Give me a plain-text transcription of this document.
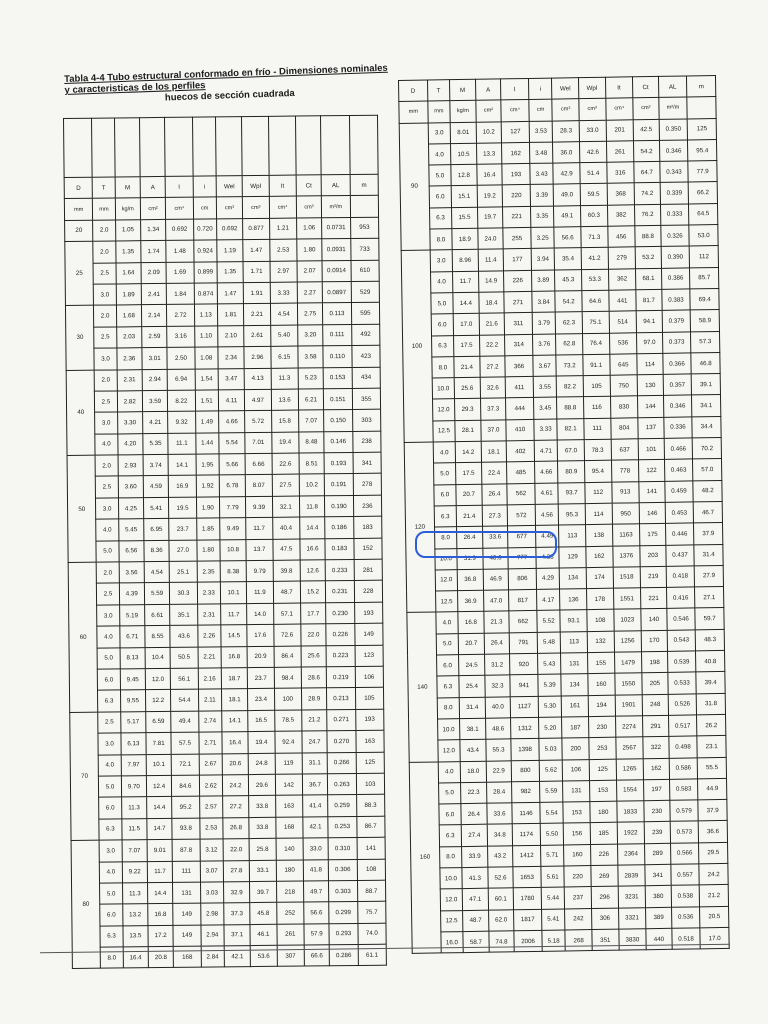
Tabla 4-4 Tubo estructural conformado en frío - Dimensiones nominales y caracteristicas de los perfiles
huecos de sección cuadrada

D	T	M	A	I	i	Wel	Wpl	It	Ct	AL	m
mm	mm	kg/m	cm²	cm⁴	cm	cm³	cm³	cm⁴	cm³	m²/m	
20	2.0	1.05	1.34	0.692	0.720	0.692	0.877	1.21	1.06	0.0731	953
25	2.0	1.35	1.74	1.48	0.924	1.19	1.47	2.53	1.80	0.0931	733
	2.5	1.64	2.09	1.69	0.899	1.35	1.71	2.97	2.07	0.0914	610
	3.0	1.89	2.41	1.84	0.874	1.47	1.91	3.33	2.27	0.0897	529
30	2.0	1.68	2.14	2.72	1.13	1.81	2.21	4.54	2.75	0.113	595
	2.5	2.03	2.59	3.16	1.10	2.10	2.61	5.40	3.20	0.111	492
	3.0	2.36	3.01	2.50	1.08	2.34	2.96	6.15	3.58	0.110	423
40	2.0	2.31	2.94	6.94	1.54	3.47	4.13	11.3	5.23	0.153	434
	2.5	2.82	3.59	8.22	1.51	4.11	4.97	13.6	6.21	0.151	355
	3.0	3.30	4.21	9.32	1.49	4.66	5.72	15.8	7.07	0.150	303
	4.0	4.20	5.35	11.1	1.44	5.54	7.01	19.4	8.48	0.146	238
50	2.0	2.93	3.74	14.1	1.95	5.66	6.66	22.6	8.51	0.193	341
	2.5	3.60	4.59	16.9	1.92	6.78	8.07	27.5	10.2	0.191	278
	3.0	4.25	5.41	19.5	1.90	7.79	9.39	32.1	11.8	0.190	236
	4.0	5.45	6.95	23.7	1.85	9.49	11.7	40.4	14.4	0.186	183
	5.0	6.56	8.36	27.0	1.80	10.8	13.7	47.5	16.6	0.183	152
60	2.0	3.56	4.54	25.1	2.35	8.38	9.79	39.8	12.6	0.233	281
	2.5	4.39	5.59	30.3	2.33	10.1	11.9	48.7	15.2	0.231	228
	3.0	5.19	6.61	35.1	2.31	11.7	14.0	57.1	17.7	0.230	193
	4.0	6.71	8.55	43.6	2.26	14.5	17.6	72.6	22.0	0.226	149
	5.0	8.13	10.4	50.5	2.21	16.8	20.9	86.4	25.6	0.223	123
	6.0	9.45	12.0	56.1	2.16	18.7	23.7	98.4	28.6	0.219	106
	6.3	9.55	12.2	54.4	2.11	18.1	23.4	100	28.9	0.213	105
70	2.5	5.17	6.59	49.4	2.74	14.1	16.5	78.5	21.2	0.271	193
	3.0	6.13	7.81	57.5	2.71	16.4	19.4	92.4	24.7	0.270	163
	4.0	7.97	10.1	72.1	2.67	20.6	24.8	119	31.1	0.266	125
	5.0	9.70	12.4	84.6	2.62	24.2	29.6	142	36.7	0.263	103
	6.0	11.3	14.4	95.2	2.57	27.2	33.8	163	41.4	0.259	88.3
	6.3	11.5	14.7	93.8	2.53	26.8	33.8	168	42.1	0.253	86.7
80	3.0	7.07	9.01	87.8	3.12	22.0	25.8	140	33.0	0.310	141
	4.0	9.22	11.7	111	3.07	27.8	33.1	180	41.8	0.306	108
	5.0	11.3	14.4	131	3.03	32.9	39.7	218	49.7	0.303	88.7
	6.0	13.2	16.8	149	2.98	37.3	45.8	252	56.6	0.299	75.7
	6.3	13.5	17.2	149	2.94	37.1	46.1	261	57.9	0.293	74.0
	8.0	16.4	20.8	168	2.84	42.1	53.6	307	66.6	0.286	61.1
D	T	M	A	I	i	Wel	Wpl	It	Ct	AL	m
mm	mm	kg/m	cm²	cm⁴	cm	cm³	cm³	cm⁴	cm³	m²/m	
90	3.0	8.01	10.2	127	3.53	28.3	33.0	201	42.5	0.350	125
	4.0	10.5	13.3	162	3.48	36.0	42.6	261	54.2	0.346	95.4
	5.0	12.8	16.4	193	3.43	42.9	51.4	316	64.7	0.343	77.9
	6.0	15.1	19.2	220	3.39	49.0	59.5	368	74.2	0.339	66.2
	6.3	15.5	19.7	221	3.35	49.1	60.3	382	76.2	0.333	64.5
	8.0	18.9	24.0	255	3.25	56.6	71.3	456	88.8	0.326	53.0
100	3.0	8.96	11.4	177	3.94	35.4	41.2	279	53.2	0.390	112
	4.0	11.7	14.9	226	3.89	45.3	53.3	362	68.1	0.386	85.7
	5.0	14.4	18.4	271	3.84	54.2	64.6	441	81.7	0.383	69.4
	6.0	17.0	21.6	311	3.79	62.3	75.1	514	94.1	0.379	58.9
	6.3	17.5	22.2	314	3.76	62.8	76.4	536	97.0	0.373	57.3
	8.0	21.4	27.2	366	3.67	73.2	91.1	645	114	0.366	46.8
	10.0	25.6	32.6	411	3.55	82.2	105	750	130	0.357	39.1
	12.0	29.3	37.3	444	3.45	88.8	116	830	144	0.346	34.1
	12.5	28.1	37.0	410	3.33	82.1	111	804	137	0.336	34.4
120	4.0	14.2	18.1	402	4.71	67.0	78.3	637	101	0.466	70.2
	5.0	17.5	22.4	485	4.66	80.9	95.4	778	122	0.463	57.0
	6.0	20.7	26.4	562	4.61	93.7	112	913	141	0.459	48.2
	6.3	21.4	27.3	572	4.56	95.3	114	950	146	0.453	46.7
	8.0	26.4	33.6	677	4.49	113	138	1163	175	0.446	37.9
	10.0	31.9	40.6	777	4.38	129	162	1376	203	0.437	31.4
	12.0	36.8	46.9	806	4.29	134	174	1518	219	0.418	27.9
	12.5	36.9	47.0	817	4.17	136	178	1551	221	0.416	27.1
140	4.0	16.8	21.3	662	5.52	93.1	108	1023	140	0.546	59.7
	5.0	20.7	26.4	791	5.48	113	132	1256	170	0.543	48.3
	6.0	24.5	31.2	920	5.43	131	155	1479	198	0.539	40.8
	6.3	25.4	32.3	941	5.39	134	160	1550	205	0.533	39.4
	8.0	31.4	40.0	1127	5.30	161	194	1901	248	0.526	31.8
	10.0	38.1	48.6	1312	5.20	187	230	2274	291	0.517	26.2
	12.0	43.4	55.3	1398	5.03	200	253	2567	322	0.498	23.1
160	4.0	18.0	22.9	800	5.62	106	125	1265	162	0.586	55.5
	5.0	22.3	28.4	982	5.59	131	153	1554	197	0.583	44.9
	6.0	26.4	33.6	1146	5.54	153	180	1833	230	0.579	37.9
	6.3	27.4	34.8	1174	5.50	156	185	1922	239	0.573	36.6
	8.0	33.9	43.2	1412	5.71	160	226	2364	289	0.566	29.5
	10.0	41.3	52.6	1653	5.61	220	269	2839	341	0.557	24.2
	12.0	47.1	60.1	1780	5.44	237	296	3231	380	0.538	21.2
	12.5	48.7	62.0	1817	5.41	242	306	3321	389	0.536	20.5
	16.0	58.7	74.8	2006	5.18	268	351	3830	440	0.518	17.0
